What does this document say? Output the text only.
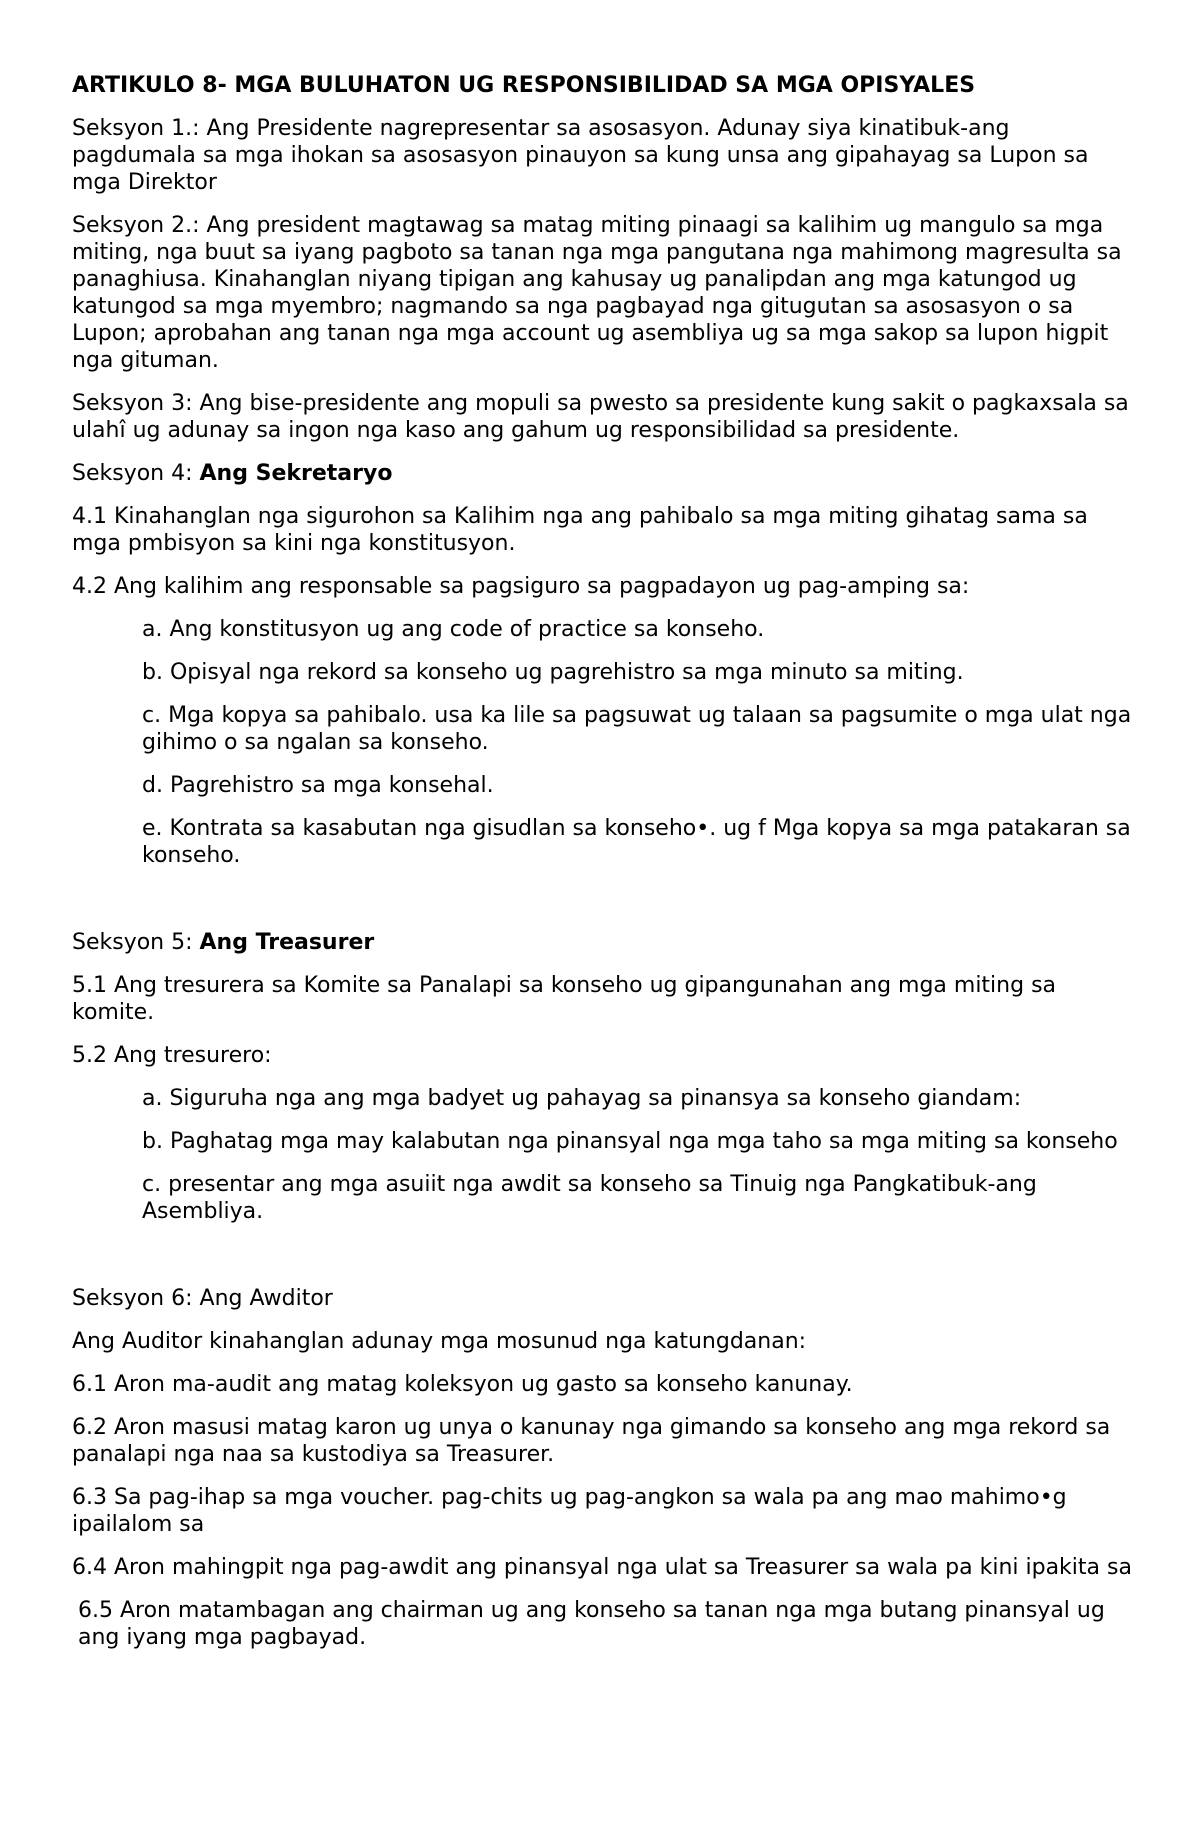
ARTIKULO 8- MGA BULUHATON UG RESPONSIBILIDAD SA MGA OPISYALES

Seksyon 1.: Ang Presidente nagrepresentar sa asosasyon. Adunay siya kinatibuk-ang pagdumala sa mga ihokan sa asosasyon pinauyon sa kung unsa ang gipahayag sa Lupon sa mga Direktor

Seksyon 2.: Ang president magtawag sa matag miting pinaagi sa kalihim ug mangulo sa mga miting, nga buut sa iyang pagboto sa tanan nga mga pangutana nga mahimong magresulta sa panaghiusa. Kinahanglan niyang tipigan ang kahusay ug panalipdan ang mga katungod ug katungod sa mga myembro; nagmando sa nga pagbayad nga gitugutan sa asosasyon o sa Lupon; aprobahan ang tanan nga mga account ug asembliya ug sa mga sakop sa lupon higpit nga gituman.

Seksyon 3: Ang bise-presidente ang mopuli sa pwesto sa presidente kung sakit o pagkaxsala sa ulahî ug adunay sa ingon nga kaso ang gahum ug responsibilidad sa presidente.

Seksyon 4: Ang Sekretaryo

4.1 Kinahanglan nga sigurohon sa Kalihim nga ang pahibalo sa mga miting gihatag sama sa mga pmbisyon sa kini nga konstitusyon.

4.2 Ang kalihim ang responsable sa pagsiguro sa pagpadayon ug pag-amping sa:

a. Ang konstitusyon ug ang code of practice sa konseho.

b. Opisyal nga rekord sa konseho ug pagrehistro sa mga minuto sa miting.

c. Mga kopya sa pahibalo. usa ka lile sa pagsuwat ug talaan sa pagsumite o mga ulat nga gihimo o sa ngalan sa konseho.

d. Pagrehistro sa mga konsehal.

e. Kontrata sa kasabutan nga gisudlan sa konseho•. ug f Mga kopya sa mga patakaran sa konseho.

Seksyon 5: Ang Treasurer

5.1 Ang tresurera sa Komite sa Panalapi sa konseho ug gipangunahan ang mga miting sa komite.

5.2 Ang tresurero:

a. Siguruha nga ang mga badyet ug pahayag sa pinansya sa konseho giandam:

b. Paghatag mga may kalabutan nga pinansyal nga mga taho sa mga miting sa konseho

c. presentar ang mga asuiit nga awdit sa konseho sa Tinuig nga Pangkatibuk-ang Asembliya.

Seksyon 6: Ang Awditor

Ang Auditor kinahanglan adunay mga mosunud nga katungdanan:

6.1 Aron ma-audit ang matag koleksyon ug gasto sa konseho kanunay.

6.2 Aron masusi matag karon ug unya o kanunay nga gimando sa konseho ang mga rekord sa panalapi nga naa sa kustodiya sa Treasurer.

6.3 Sa pag-ihap sa mga voucher. pag-chits ug pag-angkon sa wala pa ang mao mahimo•g ipailalom sa

6.4 Aron mahingpit nga pag-awdit ang pinansyal nga ulat sa Treasurer sa wala pa kini ipakita sa

6.5 Aron matambagan ang chairman ug ang konseho sa tanan nga mga butang pinansyal ug ang iyang mga pagbayad.
